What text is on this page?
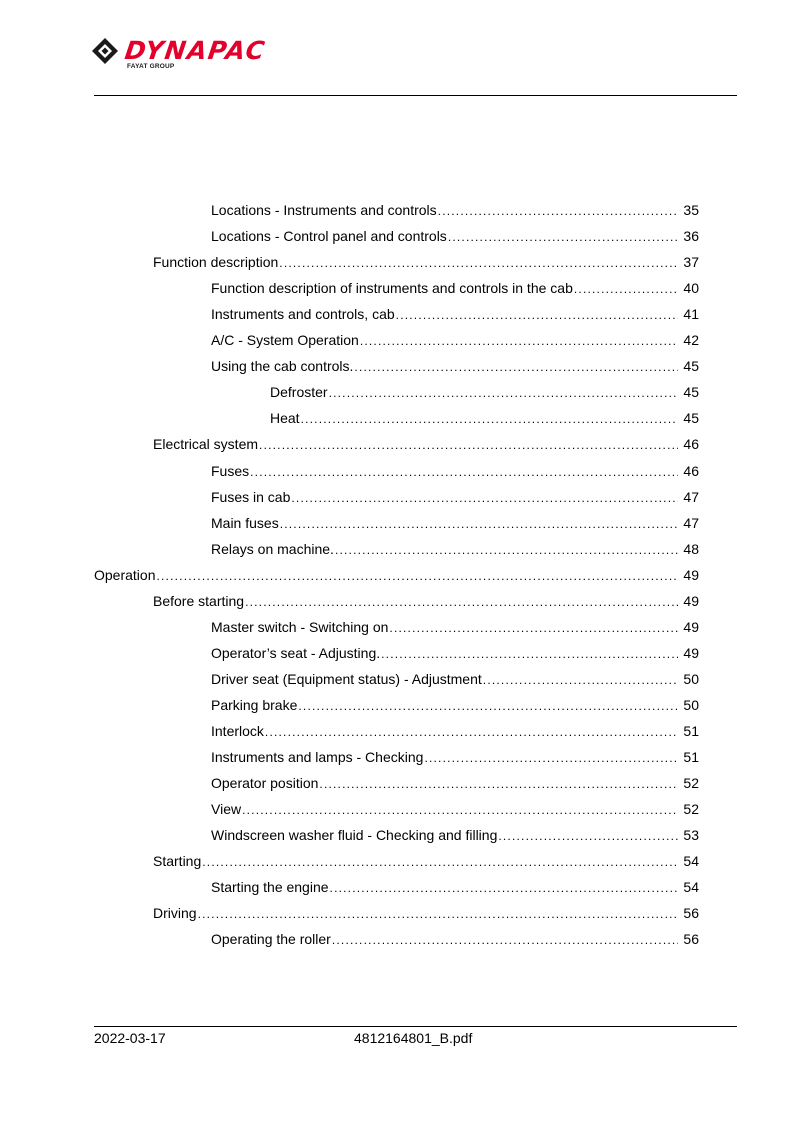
DYNAPAC
FAYAT GROUP
Locations - Instruments and controls .....	35
Locations - Control panel and controls .....	36
Function description .....	37
Function description of instruments and controls in the cab .....	40
Instruments and controls, cab .....	41
A/C - System Operation .....	42
Using the cab controls. .....	45
Defroster .....	45
Heat .....	45
Electrical system .....	46
Fuses .....	46
Fuses in cab .....	47
Main fuses .....	47
Relays on machine. .....	48
Operation .....	49
Before starting .....	49
Master switch - Switching on .....	49
Operator’s seat - Adjusting. .....	49
Driver seat (Equipment status) - Adjustment .....	50
Parking brake .....	50
Interlock .....	51
Instruments and lamps - Checking .....	51
Operator position .....	52
View .....	52
Windscreen washer fluid - Checking and filling .....	53
Starting .....	54
Starting the engine .....	54
Driving .....	56
Operating the roller .....	56
2022-03-17	4812164801_B.pdf
